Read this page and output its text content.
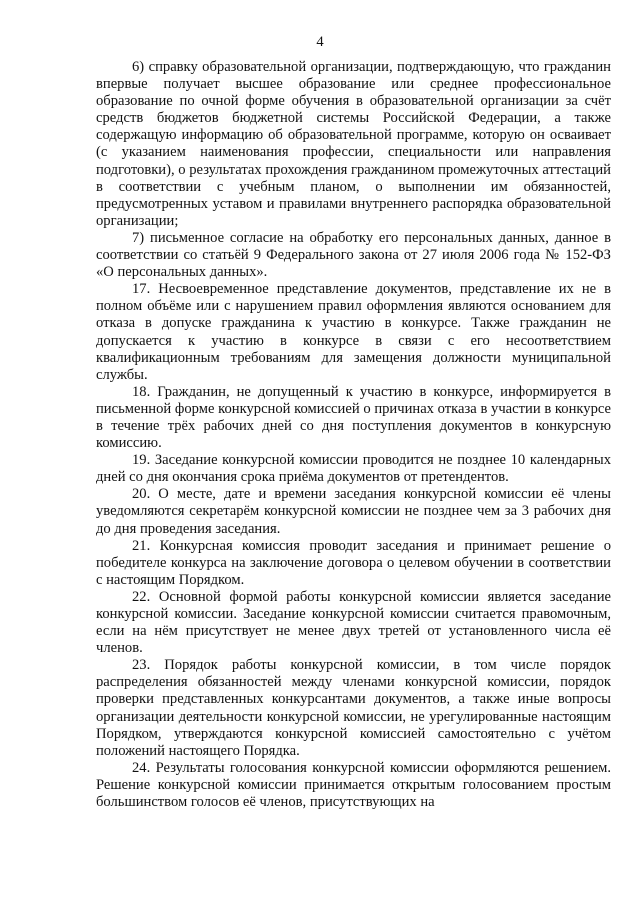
4

6) справку образовательной организации, подтверждающую, что гражданин впервые получает высшее образование или среднее профессиональное образование по очной форме обучения в образовательной организации за счёт средств бюджетов бюджетной системы Российской Федерации, а также содержащую информацию об образовательной программе, которую он осваивает (с указанием наименования профессии, специальности или направления подготовки), о результатах прохождения гражданином промежуточных аттестаций в соответствии с учебным планом, о выполнении им обязанностей, предусмотренных уставом и правилами внутреннего распорядка образовательной организации;

7) письменное согласие на обработку его персональных данных, данное в соответствии со статьёй 9 Федерального закона от 27 июля 2006 года № 152-ФЗ «О персональных данных».

17. Несвоевременное представление документов, представление их не в полном объёме или с нарушением правил оформления являются основанием для отказа в допуске гражданина к участию в конкурсе. Также гражданин не допускается к участию в конкурсе в связи с его несоответствием квалификационным требованиям для замещения должности муниципальной службы.

18. Гражданин, не допущенный к участию в конкурсе, информируется в письменной форме конкурсной комиссией о причинах отказа в участии в конкурсе в течение трёх рабочих дней со дня поступления документов в конкурсную комиссию.

19. Заседание конкурсной комиссии проводится не позднее 10 календарных дней со дня окончания срока приёма документов от претендентов.

20. О месте, дате и времени заседания конкурсной комиссии её члены уведомляются секретарём конкурсной комиссии не позднее чем за 3 рабочих дня до дня проведения заседания.

21. Конкурсная комиссия проводит заседания и принимает решение о победителе конкурса на заключение договора о целевом обучении в соответствии с настоящим Порядком.

22. Основной формой работы конкурсной комиссии является заседание конкурсной комиссии. Заседание конкурсной комиссии считается правомочным, если на нём присутствует не менее двух третей от установленного числа её членов.

23. Порядок работы конкурсной комиссии, в том числе порядок распределения обязанностей между членами конкурсной комиссии, порядок проверки представленных конкурсантами документов, а также иные вопросы организации деятельности конкурсной комиссии, не урегулированные настоящим Порядком, утверждаются конкурсной комиссией самостоятельно с учётом положений настоящего Порядка.

24. Результаты голосования конкурсной комиссии оформляются решением. Решение конкурсной комиссии принимается открытым голосованием простым большинством голосов её членов, присутствующих на
